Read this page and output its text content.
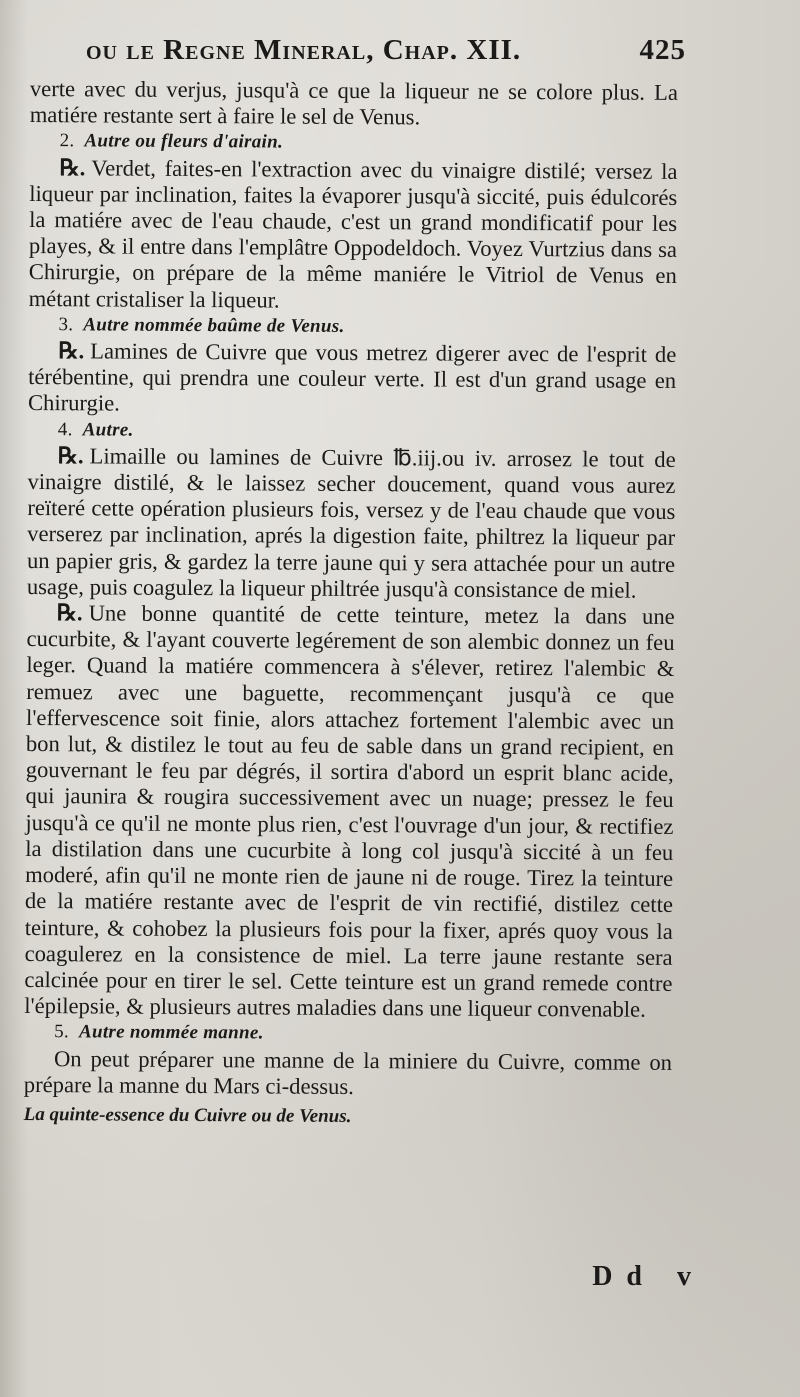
ou le Regne Mineral, Chap. XII.	425

verte avec du verjus, jusqu'à ce que la liqueur ne se colore plus. La matiére restante sert à faire le sel de Venus.

2. Autre ou fleurs d'airain.

℞. Verdet, faites-en l'extraction avec du vinaigre distilé; versez la liqueur par inclination, faites la évaporer jusqu'à siccité, puis édulcorés la matiére avec de l'eau chaude, c'est un grand mondificatif pour les playes, & il entre dans l'emplâtre Oppodeldoch. Voyez Vurtzius dans sa Chirurgie, on prépare de la même maniére le Vitriol de Venus en métant cristaliser la liqueur.

3. Autre nommée baûme de Venus.

℞. Lamines de Cuivre que vous metrez digerer avec de l'esprit de térébentine, qui prendra une couleur verte. Il est d'un grand usage en Chirurgie.

4. Autre.

℞. Limaille ou lamines de Cuivre ℔.iij.ou iv. arrosez le tout de vinaigre distilé, & le laissez secher doucement, quand vous aurez reïteré cette opération plusieurs fois, versez y de l'eau chaude que vous verserez par inclination, aprés la digestion faite, philtrez la liqueur par un papier gris, & gardez la terre jaune qui y sera attachée pour un autre usage, puis coagulez la liqueur philtrée jusqu'à consistance de miel.

℞. Une bonne quantité de cette teinture, metez la dans une cucurbite, & l'ayant couverte legérement de son alembic donnez un feu leger. Quand la matiére commencera à s'élever, retirez l'alembic & remuez avec une baguette, recommençant jusqu'à ce que l'effervescence soit finie, alors attachez fortement l'alembic avec un bon lut, & distilez le tout au feu de sable dans un grand recipient, en gouvernant le feu par dégrés, il sortira d'abord un esprit blanc acide, qui jaunira & rougira successivement avec un nuage; pressez le feu jusqu'à ce qu'il ne monte plus rien, c'est l'ouvrage d'un jour, & rectifiez la distilation dans une cucurbite à long col jusqu'à siccité à un feu moderé, afin qu'il ne monte rien de jaune ni de rouge. Tirez la teinture de la matiére restante avec de l'esprit de vin rectifié, distilez cette teinture, & cohobez la plusieurs fois pour la fixer, aprés quoy vous la coagulerez en la consistence de miel. La terre jaune restante sera calcinée pour en tirer le sel. Cette teinture est un grand remede contre l'épilepsie, & plusieurs autres maladies dans une liqueur convenable.

5. Autre nommée manne.

On peut préparer une manne de la miniere du Cuivre, comme on prépare la manne du Mars ci-dessus.

La quinte-essence du Cuivre ou de Venus.

Dd v
